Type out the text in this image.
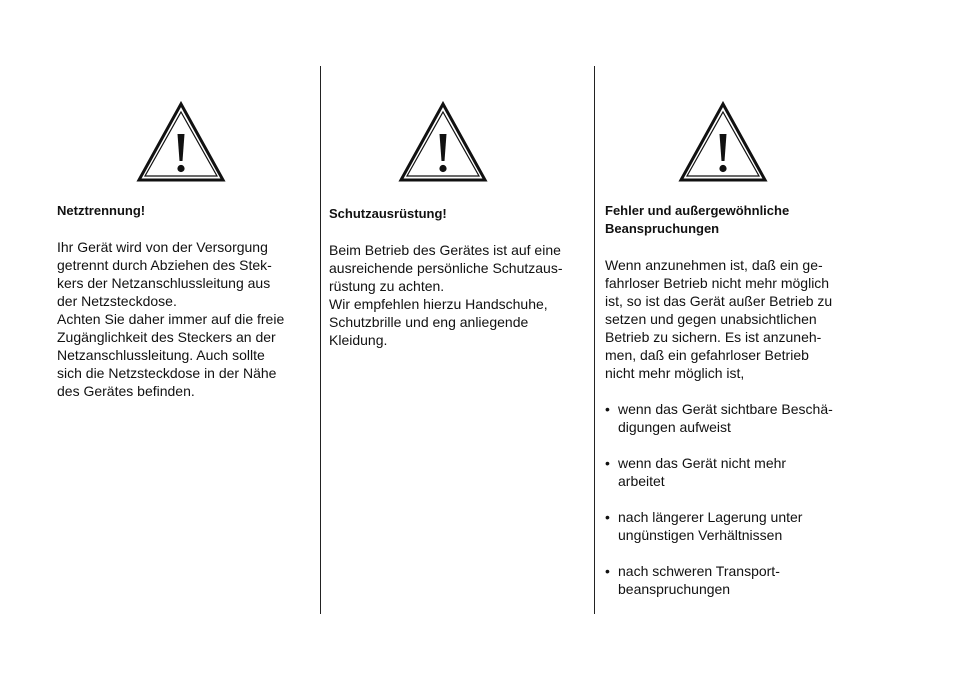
Netztrennung!

Ihr Gerät wird von der Versorgung

getrennt durch Abziehen des Stek-

kers der Netzanschlussleitung aus

der Netzsteckdose.

Achten Sie daher immer auf die freie

Zugänglichkeit des Steckers an der

Netzanschlussleitung. Auch sollte

sich die Netzsteckdose in der Nähe

des Gerätes befinden.

Schutzausrüstung!

Beim Betrieb des Gerätes ist auf eine

ausreichende persönliche Schutzaus-

rüstung zu achten.

Wir empfehlen hierzu Handschuhe,

Schutzbrille und eng anliegende

Kleidung.

Fehler und außergewöhnliche

Beanspruchungen

Wenn anzunehmen ist, daß ein ge-

fahrloser Betrieb nicht mehr möglich

ist, so ist das Gerät außer Betrieb zu

setzen und gegen unabsichtlichen

Betrieb zu sichern. Es ist anzuneh-

men, daß ein gefahrloser Betrieb

nicht mehr möglich ist,

• wenn das Gerät sichtbare Beschä-
digungen aufweist
• wenn das Gerät nicht mehr
arbeitet
• nach längerer Lagerung unter
ungünstigen Verhältnissen
• nach schweren Transport-
beanspruchungen
